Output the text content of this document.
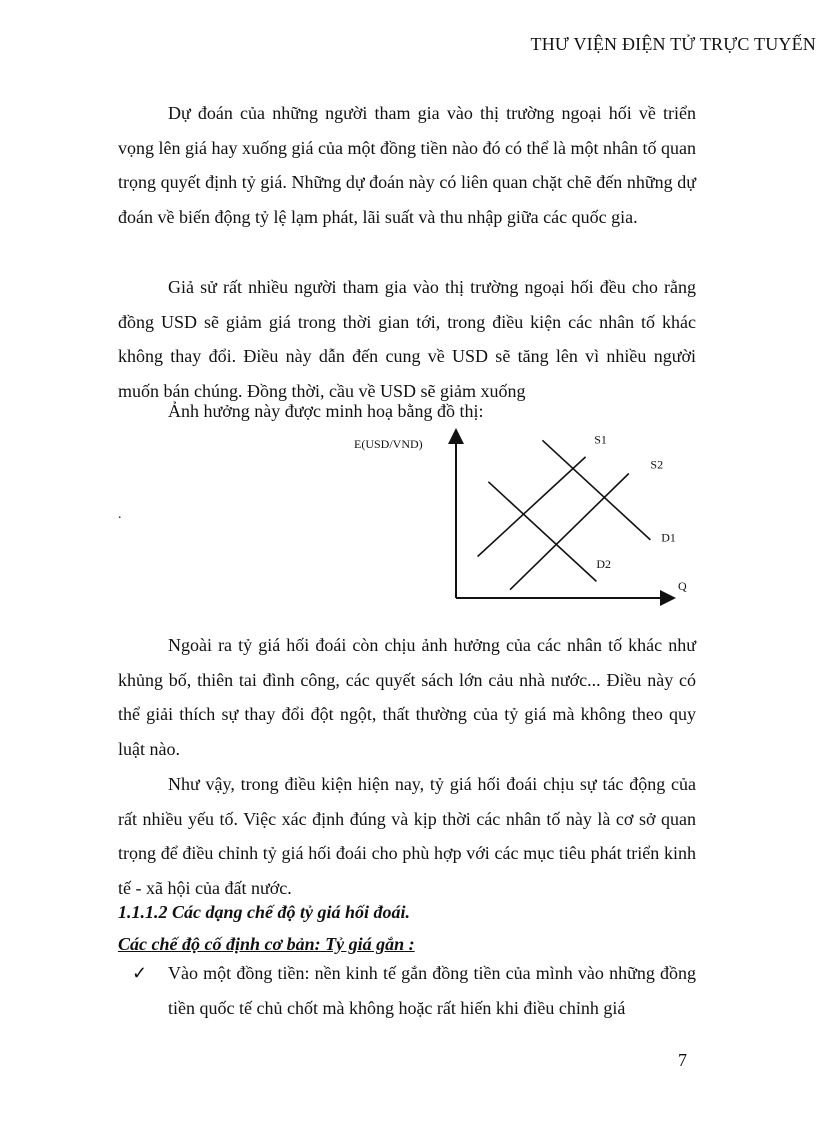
THƯ VIỆN ĐIỆN TỬ TRỰC TUYẾN

Dự đoán của những người tham gia vào thị trường ngoại hối về triển vọng lên giá hay xuống giá của một đồng tiền nào đó có thể là một nhân tố quan trọng quyết định tỷ giá. Những dự đoán này có liên quan chặt chẽ đến những dự đoán về biến động tỷ lệ lạm phát, lãi suất và thu nhập giữa các quốc gia.

Giả sử rất nhiều người tham gia vào thị trường ngoại hối đều cho rằng đồng USD sẽ giảm giá trong thời gian tới, trong điều kiện các nhân tố khác không thay đổi. Điều này dẫn đến cung về USD sẽ tăng lên vì nhiều người muốn bán chúng. Đồng thời, cầu về USD sẽ giảm xuống

Ảnh hưởng này được minh hoạ bằng đồ thị:

.
E(USD/VND)
Q
S1
S2
D1
D2

Ngoài ra tỷ giá hối đoái còn chịu ảnh hưởng của các nhân tố khác như khủng bố, thiên tai đình công, các quyết sách lớn cảu nhà nước... Điều này có thể giải thích sự thay đổi đột ngột, thất thường của tỷ giá mà không theo quy luật nào.

Như vậy, trong điều kiện hiện nay, tỷ giá hối đoái chịu sự tác động của rất nhiều yếu tố. Việc xác định đúng và kịp thời các nhân tố này là cơ sở quan trọng để điều chỉnh tỷ giá hối đoái cho phù hợp với các mục tiêu phát triển kinh tế - xã hội của đất nước.

1.1.1.2 Các dạng chế độ tỷ giá hối đoái.
Các chế độ cố định cơ bản: Tỷ giá gắn :
✓ Vào một đồng tiền: nền kinh tế gắn đồng tiền của mình vào những đồng tiền quốc tế chủ chốt mà không hoặc rất hiến khi điều chỉnh giá
7
